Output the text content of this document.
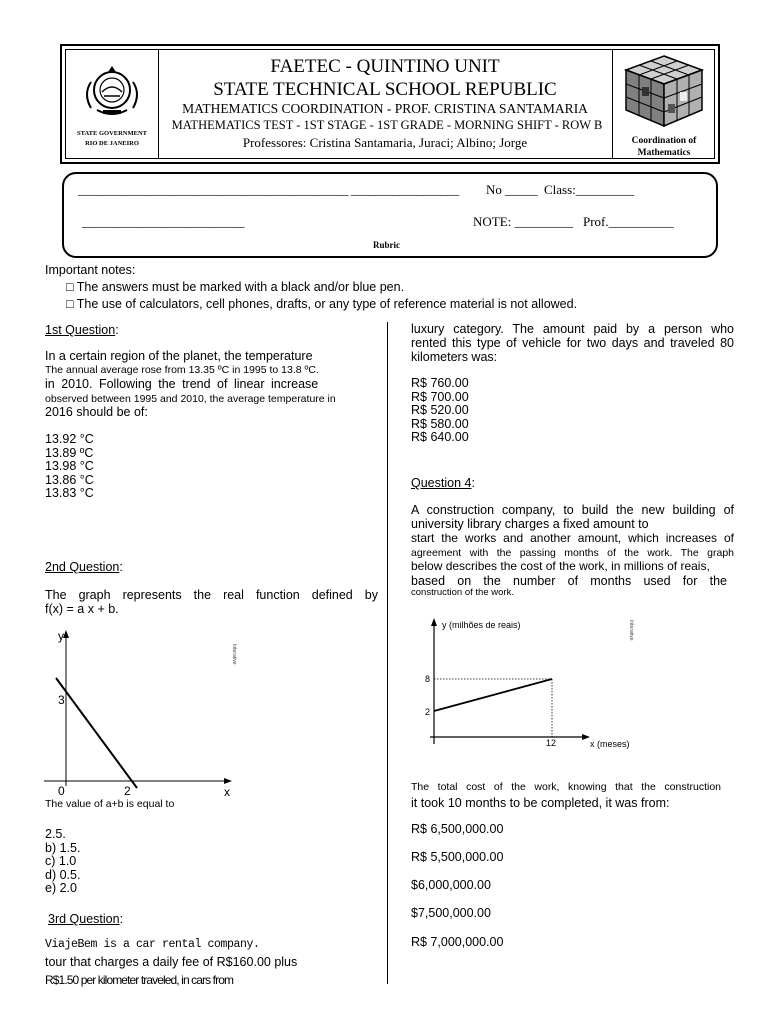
STATE GOVERNMENT
RIO DE JANEIRO
FAETEC - QUINTINO UNIT
STATE TECHNICAL SCHOOL REPUBLIC
MATHEMATICS COORDINATION - PROF. CRISTINA SANTAMARIA
MATHEMATICS TEST - 1ST STAGE - 1ST GRADE - MORNING SHIFT - ROW B
Professores: Cristina Santamaria, Juraci; Albino; Jorge	Coordination of
Mathematics
_____________________________________________ __________________ No _____ Class:_________
___________________________	NOTE: _________ Prof.__________
Rubric
Important notes:
□ The answers must be marked with a black and/or blue pen.
□ The use of calculators, cell phones, drafts, or any type of reference material is not allowed.
1st Question:
In a certain region of the planet, the temperature
The annual average rose from 13.35 ºC in 1995 to 13.8 ºC.
in 2010. Following the trend of linear increase
observed between 1995 and 2010, the average temperature in
2016 should be of:
13.92 °C
13.89 ºC
13.98 °C
13.86 °C
13.83 °C
2nd Question:
The graph represents the real function defined by
f(x) = a x + b.
y
x
0
3
2
Interative
The value of a+b is equal to
2.5.
b) 1.5.
c) 1.0
d) 0.5.
e) 2.0
3rd Question:
ViajeBem is a car rental company.
tour that charges a daily fee of R$160.00 plus
R$1.50 per kilometer traveled, in cars from
luxury category. The amount paid by a person who
rented this type of vehicle for two days and traveled 80
kilometers was:
R$ 760.00
R$ 700.00
R$ 520.00
R$ 580.00
R$ 640.00
Question 4:
A construction company, to build the new building of
university library charges a fixed amount to
start the works and another amount, which increases of
agreement with the passing months of the work. The graph
below describes the cost of the work, in millions of reais,
based on the number of months used for the
construction of the work.
y (milhões de reais)
x (meses)
8
2
12
Interative
The total cost of the work, knowing that the construction
it took 10 months to be completed, it was from:
R$ 6,500,000.00
R$ 5,500,000.00
$6,000,000.00
$7,500,000.00
R$ 7,000,000.00
